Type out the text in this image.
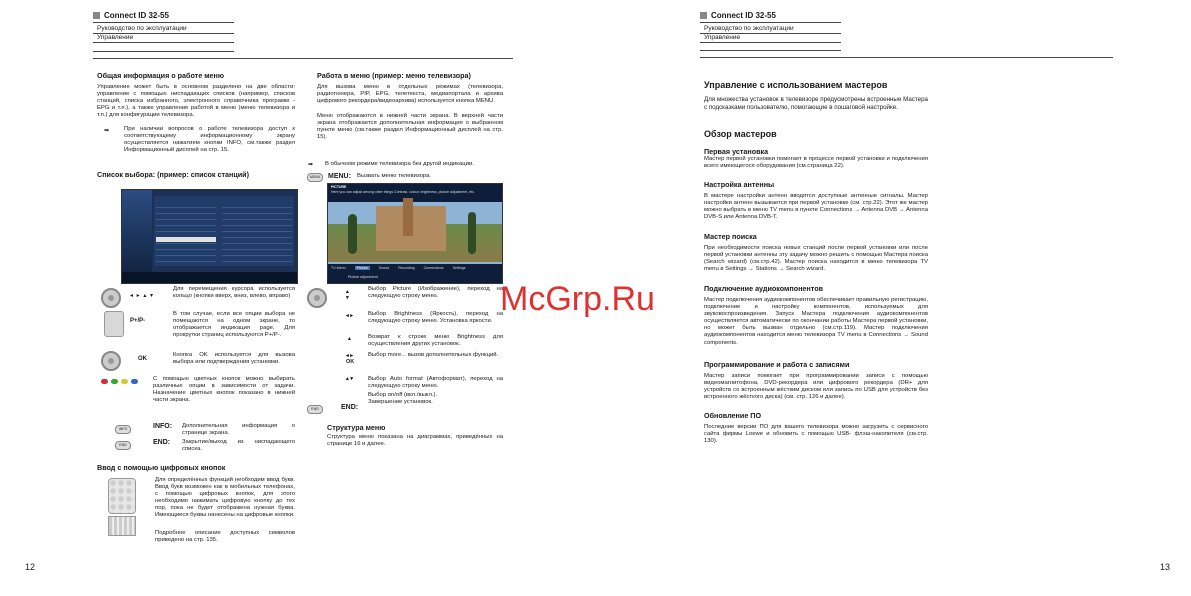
Connect ID 32-55
Руководство по эксплуатации
Управление
Общая информация о работе меню
Управление может быть в основном разделено на две области: управление с помощью ниспадающих списков (например, списков станций, списка избранного, электронного справочника программ - EPG и т.п.), а также управление работой в меню (меню телевизора и т.п.) для конфигурации телевизора.
➡	При наличии вопросов о работе телевизора доступ к соответствующему информационному экрану осуществляется нажатием кнопки INFO, см.также раздел Информационный дисплей на стр. 15.
Список выбора: (пример: список станций)
◂ ▸ ▴ ▾
Для перемещения курсора используется кольцо (кнопки вверх, вниз, влево, вправо)
P+/P-
В том случае, если все опции выбора не помещаются на одном экране, то отображается индикация page. Для прокрутки страниц используются P+/P-.
OK
Кнопка OK используется для вызова выбора или подтверждения установки.
С помощью цветных кнопок можно выбирать различные опции в зависимости от задачи. Назначение цветных кнопок показано в нижней части экрана.
INFO	INFO: Дополнительная информация о странице экрана.
END	END: Закрытие/выход из ниспадающего списка.
Ввод с помощью цифровых кнопок
Для определённых функций необходим ввод букв. Ввод букв возможен как в мобильных телефонах, с помощью цифровых кнопок, для этого необходимо нажимать цифровую кнопку до тех пор, пока не будет отображена нужная буква. Имеющиеся буквы нанесены на цифровые кнопки.
Подробное описание доступных символов приведено на стр. 135.
12
Работа в меню (пример: меню телевизора)
Для вызова меню в отдельных режимах (телевизора, радиотюнера, PIP, EPG, телетекста, медиапортала и архива цифрового рекордера/видеоархива) используется кнопка MENU.
Меню отображаются в нижней части экрана. В верхней части экрана отображается дополнительная информация о выбранном пункте меню (см.также раздел Информационный дисплей на стр. 15).
➡ В обычном режиме телевизора без другой индикации.
MENU	MENU: Вызвать меню телевизора.
PICTURE
Here you can adjust among other things Contrast, colour, brightness, picture adjustment, etc.
TV-Menu	Picture	Sound	Recording	Connections	Settings
Picture adjustment
▴
▾
Выбор Picture (Изображение), переход на следующую строку меню.
◂ ▸	Выбор Brightness (Яркость), переход на следующую строку меню. Установка яркости.
▴	Возврат к строке меню Brightness для осуществления других установок.
◂ ▸
OK
Выбор more... вызов дополнительных функций.
▴ ▾	Выбор Auto format (Автоформат), переход на следующую строку меню.
Выбор on/off (вкл./выкл.).
END	END:
Завершение установок.
Структура меню
Структура меню показана на диаграммах, приведённых на странице 16 и далее.
McGrp.Ru
Connect ID 32-55
Руководство по эксплуатации
Управление
Управление с использованием мастеров
Для множества установок в телевизоре предусмотрены встроенные Мастера с подсказками пользователю, помогающие в пошаговой настройке.
Обзор мастеров
Первая установка
Мастер первой установки помогает в процессе первой установки и подключения всего имеющегося оборудования (см.страница 22).
Настройка антенны
В мастере настройки антенн вводятся доступные антенные сигналы. Мастер настройки антенн вызывается при первой установке (см. стр.22). Этот же мастер можно выбрать в меню TV menu в пункте Connections → Antenna DVB → Antenna DVB-S или Antenna DVB-T.
Мастер поиска
При необходимости поиска новых станций после первой установки или после первой установки антенны эту задачу можно решить с помощью Мастера поиска (Search wizard) (см.стр.42). Мастер поиска находится в меню телевизора TV menu в Settings → Stations → Search wizard.
Подключение аудиокомпонентов
Мастер подключения аудиокомпонентов обеспечивает правильную регистрацию, подключение и настройку компонентов, используемых для звуковоспроизведения. Запуск Мастера подключения аудиокомпонентов осуществляется автоматически по окончании работы Мастера первой установки, но может быть вызван отдельно (см.стр.119). Мастер подключения аудиокомпонентов находится меню телевизора TV menu в Connections → Sound components.
Программирование и работа с записями
Мастер записи помогает при программировании записи с помощью видеомагнитофона, DVD-рекордера или цифрового рекордера (DR+ для устройств со встроенным жёстким диском или запись по USB для устройств без встроенного жёсткого диска) (см. стр. 126 и далее).
Обновление ПО
Последние версии ПО для вашего телевизора можно загрузить с сервисного сайта фирмы Loewe и обновить с помощью USB- флэш-накопителя (см.стр. 130).
13
